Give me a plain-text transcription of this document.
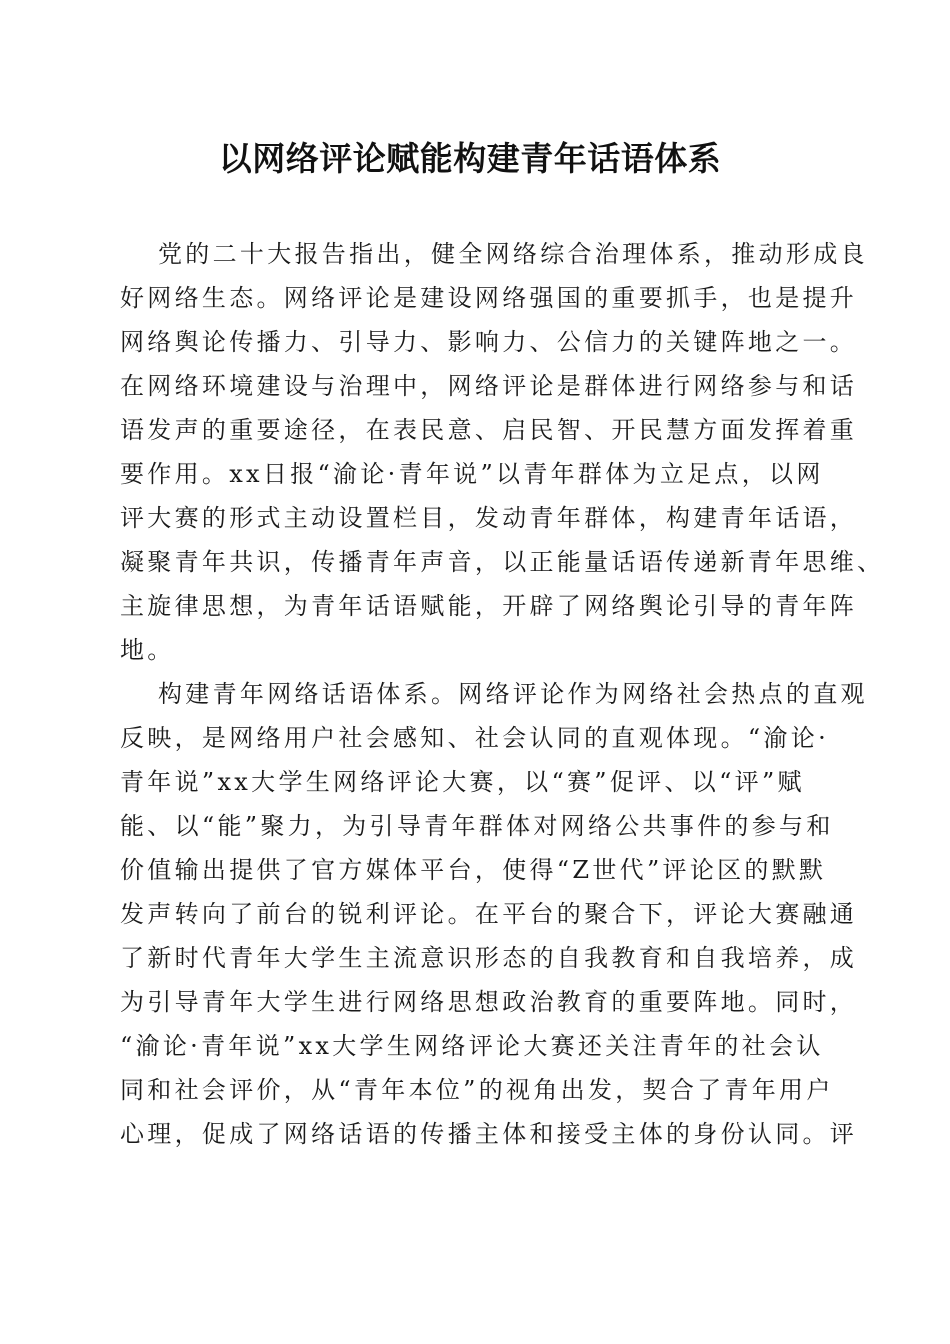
以网络评论赋能构建青年话语体系
党的二十大报告指出，健全网络综合治理体系，推动形成良
好网络生态。网络评论是建设网络强国的重要抓手，也是提升
网络舆论传播力、引导力、影响力、公信力的关键阵地之一。
在网络环境建设与治理中，网络评论是群体进行网络参与和话
语发声的重要途径，在表民意、启民智、开民慧方面发挥着重
要作用。xx日报“渝论·青年说”以青年群体为立足点，以网
评大赛的形式主动设置栏目，发动青年群体，构建青年话语，
凝聚青年共识，传播青年声音，以正能量话语传递新青年思维、
主旋律思想，为青年话语赋能，开辟了网络舆论引导的青年阵
地。
构建青年网络话语体系。网络评论作为网络社会热点的直观
反映，是网络用户社会感知、社会认同的直观体现。“渝论·
青年说”xx大学生网络评论大赛，以“赛”促评、以“评”赋
能、以“能”聚力，为引导青年群体对网络公共事件的参与和
价值输出提供了官方媒体平台，使得“Z世代”评论区的默默
发声转向了前台的锐利评论。在平台的聚合下，评论大赛融通
了新时代青年大学生主流意识形态的自我教育和自我培养，成
为引导青年大学生进行网络思想政治教育的重要阵地。同时，
“渝论·青年说”xx大学生网络评论大赛还关注青年的社会认
同和社会评价，从“青年本位”的视角出发，契合了青年用户
心理，促成了网络话语的传播主体和接受主体的身份认同。评
